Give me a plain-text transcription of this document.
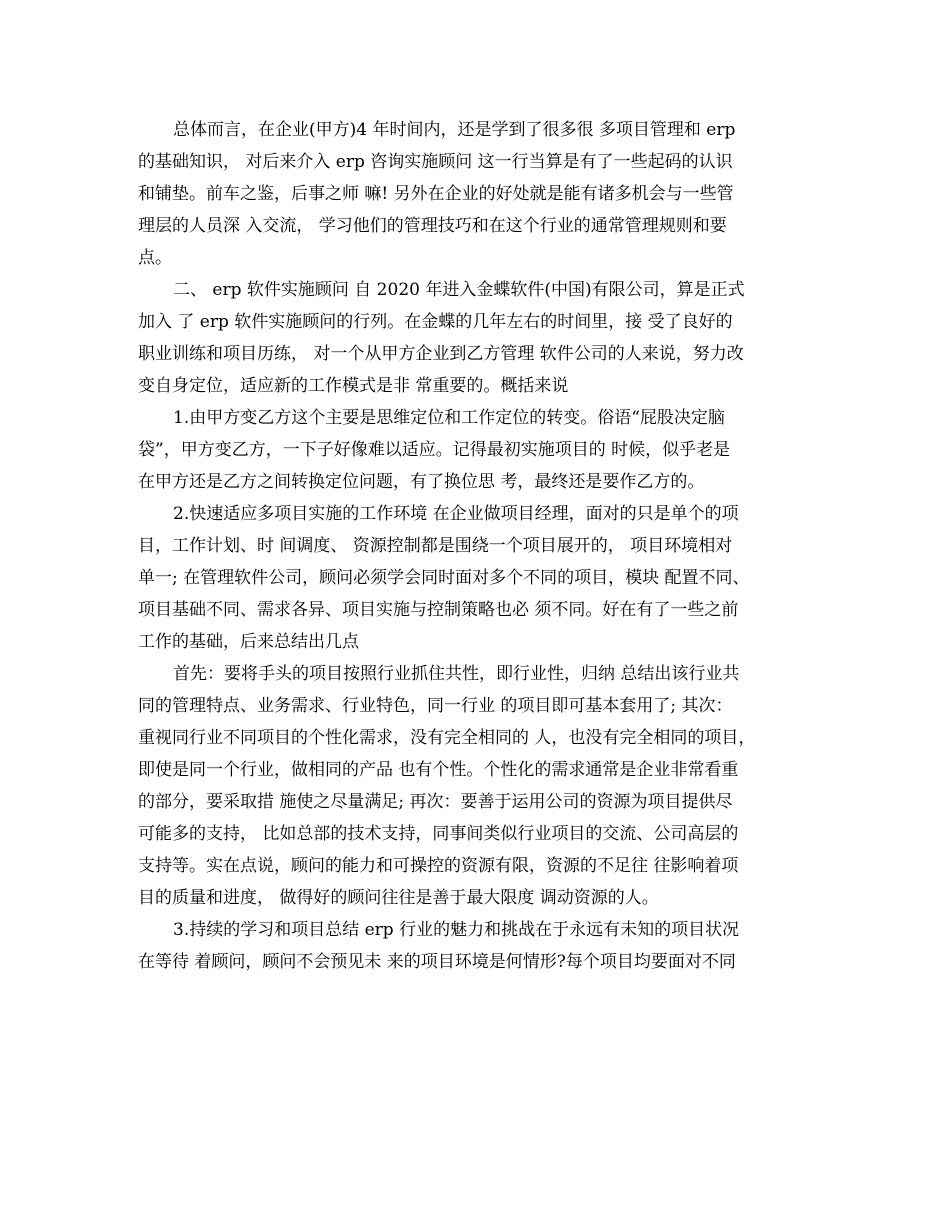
总体而言，在企业(甲方)4 年时间内，还是学到了很多很 多项目管理和 erp
的基础知识， 对后来介入 erp 咨询实施顾问 这一行当算是有了一些起码的认识
和铺垫。前车之鉴，后事之师 嘛! 另外在企业的好处就是能有诸多机会与一些管
理层的人员深 入交流， 学习他们的管理技巧和在这个行业的通常管理规则和要
点。
二、 erp 软件实施顾问 自 2020 年进入金蝶软件(中国)有限公司，算是正式
加入 了 erp 软件实施顾问的行列。在金蝶的几年左右的时间里，接 受了良好的
职业训练和项目历练， 对一个从甲方企业到乙方管理 软件公司的人来说，努力改
变自身定位，适应新的工作模式是非 常重要的。概括来说
1.由甲方变乙方这个主要是思维定位和工作定位的转变。俗语“屁股决定脑
袋”，甲方变乙方，一下子好像难以适应。记得最初实施项目的 时候，似乎老是
在甲方还是乙方之间转换定位问题，有了换位思 考，最终还是要作乙方的。
2.快速适应多项目实施的工作环境 在企业做项目经理，面对的只是单个的项
目，工作计划、时 间调度、 资源控制都是围绕一个项目展开的， 项目环境相对
单一; 在管理软件公司，顾问必须学会同时面对多个不同的项目，模块 配置不同、
项目基础不同、需求各异、项目实施与控制策略也必 须不同。好在有了一些之前
工作的基础，后来总结出几点
首先：要将手头的项目按照行业抓住共性，即行业性，归纳 总结出该行业共
同的管理特点、业务需求、行业特色，同一行业 的项目即可基本套用了; 其次：
重视同行业不同项目的个性化需求，没有完全相同的 人，也没有完全相同的项目，
即使是同一个行业，做相同的产品 也有个性。个性化的需求通常是企业非常看重
的部分，要采取措 施使之尽量满足; 再次：要善于运用公司的资源为项目提供尽
可能多的支持， 比如总部的技术支持，同事间类似行业项目的交流、公司高层的
支持等。实在点说，顾问的能力和可操控的资源有限，资源的不足往 往影响着项
目的质量和进度， 做得好的顾问往往是善于最大限度 调动资源的人。
3.持续的学习和项目总结 erp 行业的魅力和挑战在于永远有未知的项目状况
在等待 着顾问，顾问不会预见未 来的项目环境是何情形?每个项目均要面对不同
